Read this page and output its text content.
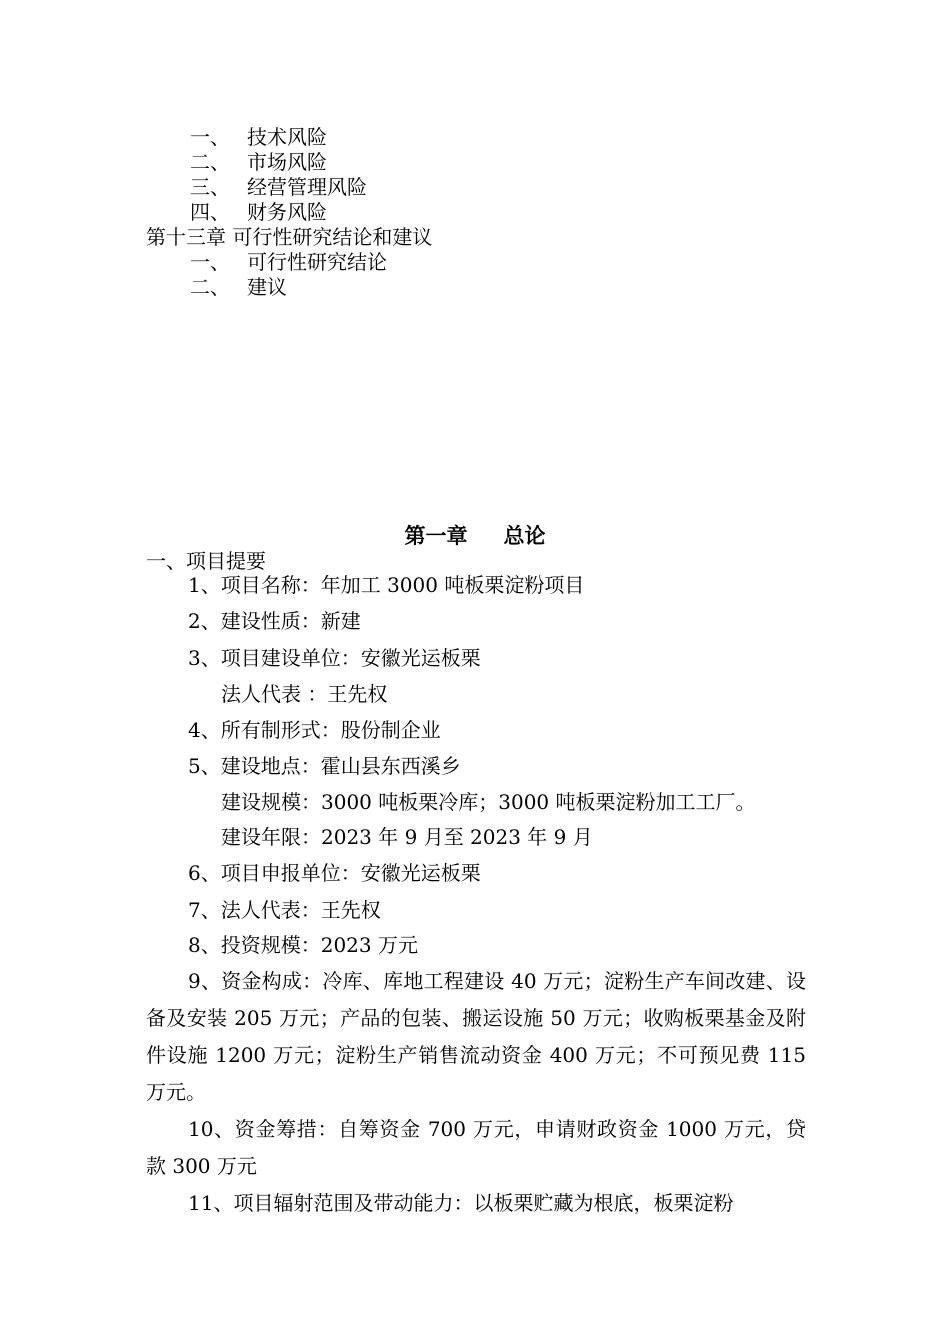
一、 技术风险
二、 市场风险
三、 经营管理风险
四、 财务风险
第十三章 可行性研究结论和建议
一、 可行性研究结论
二、 建议
第一章 总论
一、项目提要
1、项目名称：年加工 3000 吨板栗淀粉项目
2、建设性质：新建
3、项目建设单位：安徽光运板栗
法人代表 ：王先权
4、所有制形式：股份制企业
5、建设地点：霍山县东西溪乡
建设规模：3000 吨板栗冷库；3000 吨板栗淀粉加工工厂。
建设年限：2023 年 9 月至 2023 年 9 月
6、项目申报单位：安徽光运板栗
7、法人代表：王先权
8、投资规模：2023 万元
9、资金构成：冷库、库地工程建设 40 万元；淀粉生产车间改建、设备及安装 205 万元；产品的包装、搬运设施 50 万元；收购板栗基金及附件设施 1200 万元；淀粉生产销售流动资金 400 万元；不可预见费 115 万元。
10、资金筹措：自筹资金 700 万元，申请财政资金 1000 万元，贷款 300 万元
11、项目辐射范围及带动能力：以板栗贮藏为根底，板栗淀粉
